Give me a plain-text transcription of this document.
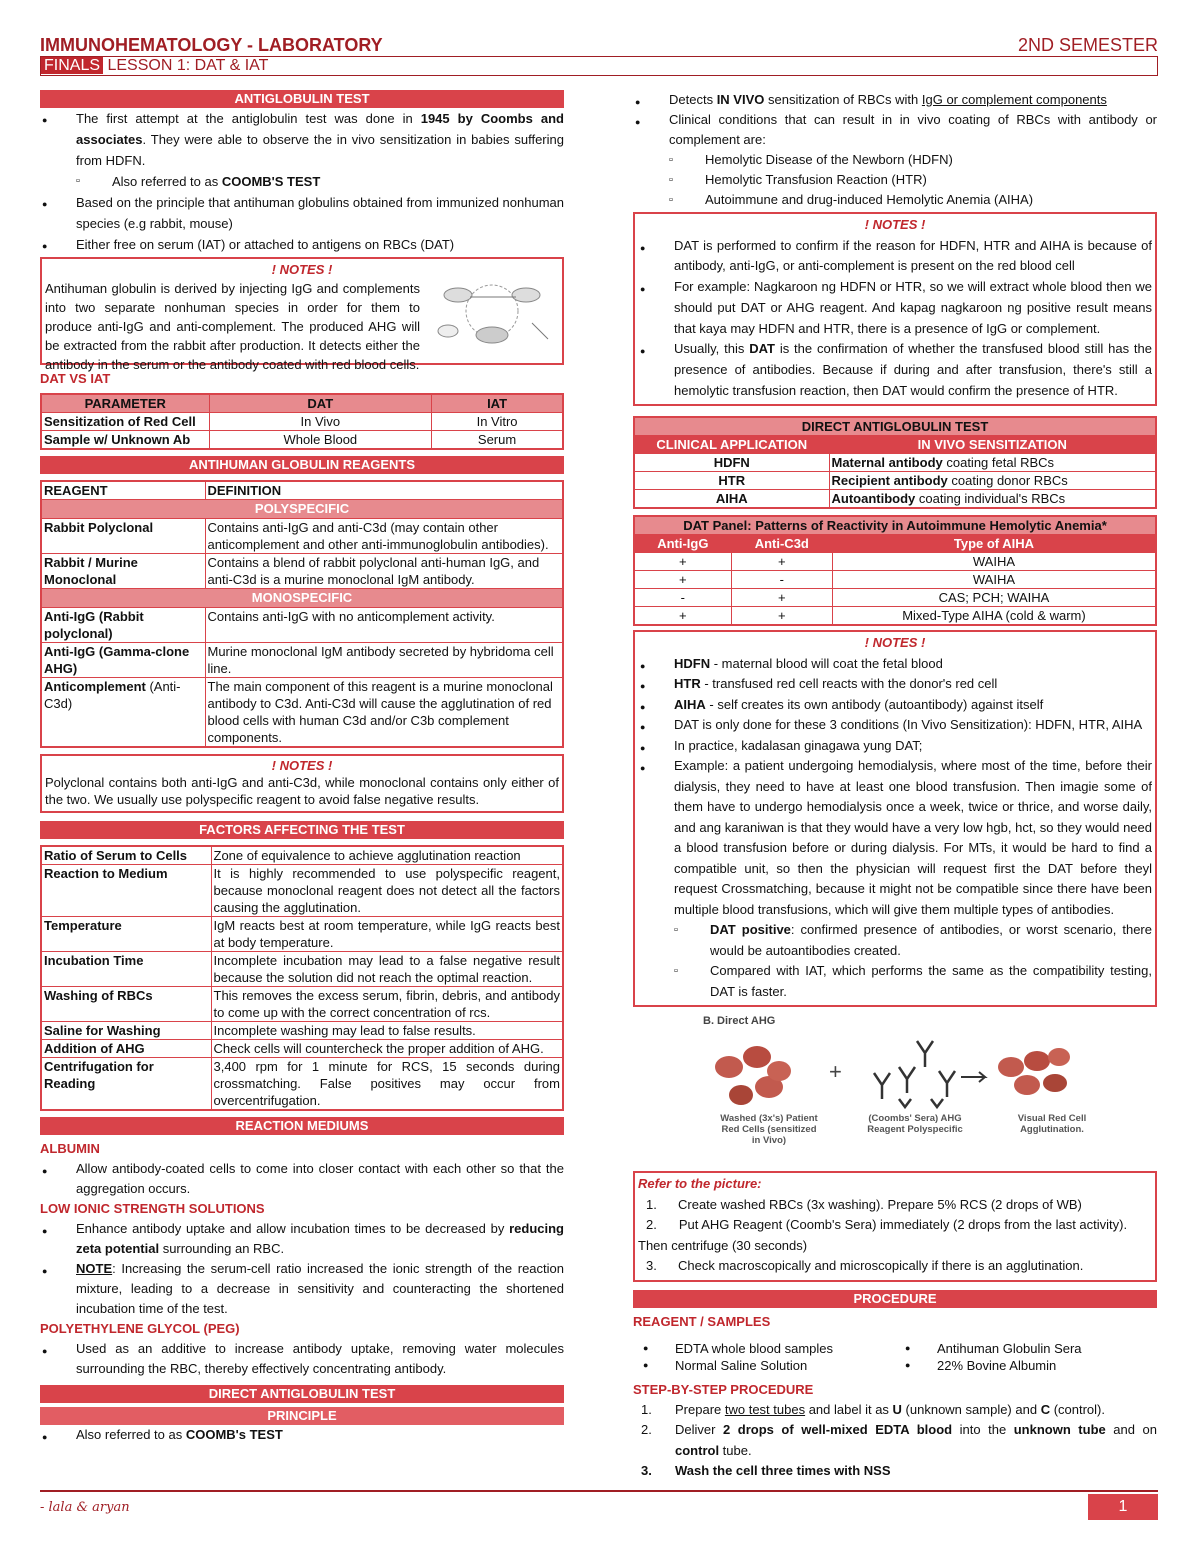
IMMUNOHEMATOLOGY - LABORATORY	2ND SEMESTER
FINALS LESSON 1: DAT & IAT
ANTIGLOBULIN TEST
● The first attempt at the antiglobulin test was done in 1945 by Coombs and associates. They were able to observe the in vivo sensitization in babies suffering from HDFN.
▫ Also referred to as COOMB'S TEST
● Based on the principle that antihuman globulins obtained from immunized nonhuman species (e.g rabbit, mouse)
● Either free on serum (IAT) or attached to antigens on RBCs (DAT)
! NOTES !
Antihuman globulin is derived by injecting IgG and complements into two separate nonhuman species in order for them to produce anti-IgG and anti-complement. The produced AHG will be extracted from the rabbit after production. It detects either the antibody in the serum or the antibody coated with red blood cells.
DAT VS IAT
PARAMETER	DAT	IAT
Sensitization of Red Cell	In Vivo	In Vitro
Sample w/ Unknown Ab	Whole Blood	Serum
ANTIHUMAN GLOBULIN REAGENTS
REAGENT	DEFINITION
POLYSPECIFIC	
Rabbit Polyclonal	Contains anti-IgG and anti-C3d (may contain other anticomplement and other anti-immunoglobulin antibodies).
Rabbit / Murine Monoclonal	Contains a blend of rabbit polyclonal anti-human IgG, and anti-C3d is a murine monoclonal IgM antibody.
MONOSPECIFIC	
Anti-IgG (Rabbit polyclonal)	Contains anti-IgG with no anticomplement activity.
Anti-IgG (Gamma-clone AHG)	Murine monoclonal IgM antibody secreted by hybridoma cell line.
Anticomplement (Anti-C3d)	The main component of this reagent is a murine monoclonal antibody to C3d. Anti-C3d will cause the agglutination of red blood cells with human C3d and/or C3b complement components.
! NOTES !
Polyclonal contains both anti-IgG and anti-C3d, while monoclonal contains only either of the two. We usually use polyspecific reagent to avoid false negative results.
FACTORS AFFECTING THE TEST
Ratio of Serum to Cells	Zone of equivalence to achieve agglutination reaction
Reaction to Medium	It is highly recommended to use polyspecific reagent, because monoclonal reagent does not detect all the factors causing the agglutination.
Temperature	IgM reacts best at room temperature, while IgG reacts best at body temperature.
Incubation Time	Incomplete incubation may lead to a false negative result because the solution did not reach the optimal reaction.
Washing of RBCs	This removes the excess serum, fibrin, debris, and antibody to come up with the correct concentration of rcs.
Saline for Washing	Incomplete washing may lead to false results.
Addition of AHG	Check cells will countercheck the proper addition of AHG.
Centrifugation for Reading	3,400 rpm for 1 minute for RCS, 15 seconds during crossmatching. False positives may occur from overcentrifugation.
REACTION MEDIUMS
ALBUMIN
● Allow antibody-coated cells to come into closer contact with each other so that the aggregation occurs.
LOW IONIC STRENGTH SOLUTIONS
● Enhance antibody uptake and allow incubation times to be decreased by reducing zeta potential surrounding an RBC.
● NOTE: Increasing the serum-cell ratio increased the ionic strength of the reaction mixture, leading to a decrease in sensitivity and counteracting the shortened incubation time of the test.
POLYETHYLENE GLYCOL (PEG)
● Used as an additive to increase antibody uptake, removing water molecules surrounding the RBC, thereby effectively concentrating antibody.
DIRECT ANTIGLOBULIN TEST
PRINCIPLE
● Also referred to as COOMB's TEST
● Detects IN VIVO sensitization of RBCs with IgG or complement components
● Clinical conditions that can result in in vivo coating of RBCs with antibody or complement are:
▫ Hemolytic Disease of the Newborn (HDFN)
▫ Hemolytic Transfusion Reaction (HTR)
▫ Autoimmune and drug-induced Hemolytic Anemia (AIHA)
! NOTES !
● DAT is performed to confirm if the reason for HDFN, HTR and AIHA is because of antibody, anti-IgG, or anti-complement is present on the red blood cell
● For example: Nagkaroon ng HDFN or HTR, so we will extract whole blood then we should put DAT or AHG reagent. And kapag nagkaroon ng positive result means that kaya may HDFN and HTR, there is a presence of IgG or complement.
● Usually, this DAT is the confirmation of whether the transfused blood still has the presence of antibodies. Because if during and after transfusion, there's still a hemolytic transfusion reaction, then DAT would confirm the presence of HTR.
DIRECT ANTIGLOBULIN TEST	
CLINICAL APPLICATION	IN VIVO SENSITIZATION
HDFN	Maternal antibody coating fetal RBCs
HTR	Recipient antibody coating donor RBCs
AIHA	Autoantibody coating individual's RBCs
DAT Panel: Patterns of Reactivity in Autoimmune Hemolytic Anemia*		
Anti-IgG	Anti-C3d	Type of AIHA
+	+	WAIHA
+	-	WAIHA
-	+	CAS; PCH; WAIHA
+	+	Mixed-Type AIHA (cold & warm)
! NOTES !
● HDFN - maternal blood will coat the fetal blood
● HTR - transfused red cell reacts with the donor's red cell
● AIHA - self creates its own antibody (autoantibody) against itself
● DAT is only done for these 3 conditions (In Vivo Sensitization): HDFN, HTR, AIHA
● In practice, kadalasan ginagawa yung DAT;
● Example: a patient undergoing hemodialysis, where most of the time, before their dialysis, they need to have at least one blood transfusion. Then imagie some of them have to undergo hemodialysis once a week, twice or thrice, and worse daily, and ang karaniwan is that they would have a very low hgb, hct, so they would need a blood transfusion before or during dialysis. For MTs, it would be hard to find a compatible unit, so then the physician will request first the DAT before theyl request Crossmatching, because it might not be compatible since there have been multiple blood transfusions, which will give them multiple types of antibodies.
▫ DAT positive: confirmed presence of antibodies, or worst scenario, there would be autoantibodies created.
▫ Compared with IAT, which performs the same as the compatibility testing, DAT is faster.
B. Direct AHG
+
Washed (3x's) Patient Red Cells (sensitized in Vivo)
(Coombs' Sera) AHG Reagent Polyspecific
Visual Red Cell Agglutination.
Refer to the picture:
1. Create washed RBCs (3x washing). Prepare 5% RCS (2 drops of WB)
2. Put AHG Reagent (Coomb's Sera) immediately (2 drops from the last activity). Then centrifuge (30 seconds)
3. Check macroscopically and microscopically if there is an agglutination.
PROCEDURE
REAGENT / SAMPLES
● EDTA whole blood samples	● Antihuman Globulin Sera
● Normal Saline Solution	● 22% Bovine Albumin
STEP-BY-STEP PROCEDURE
1. Prepare two test tubes and label it as U (unknown sample) and C (control).
2. Deliver 2 drops of well-mixed EDTA blood into the unknown tube and on control tube.
3. Wash the cell three times with NSS
- lala & aryan	1
